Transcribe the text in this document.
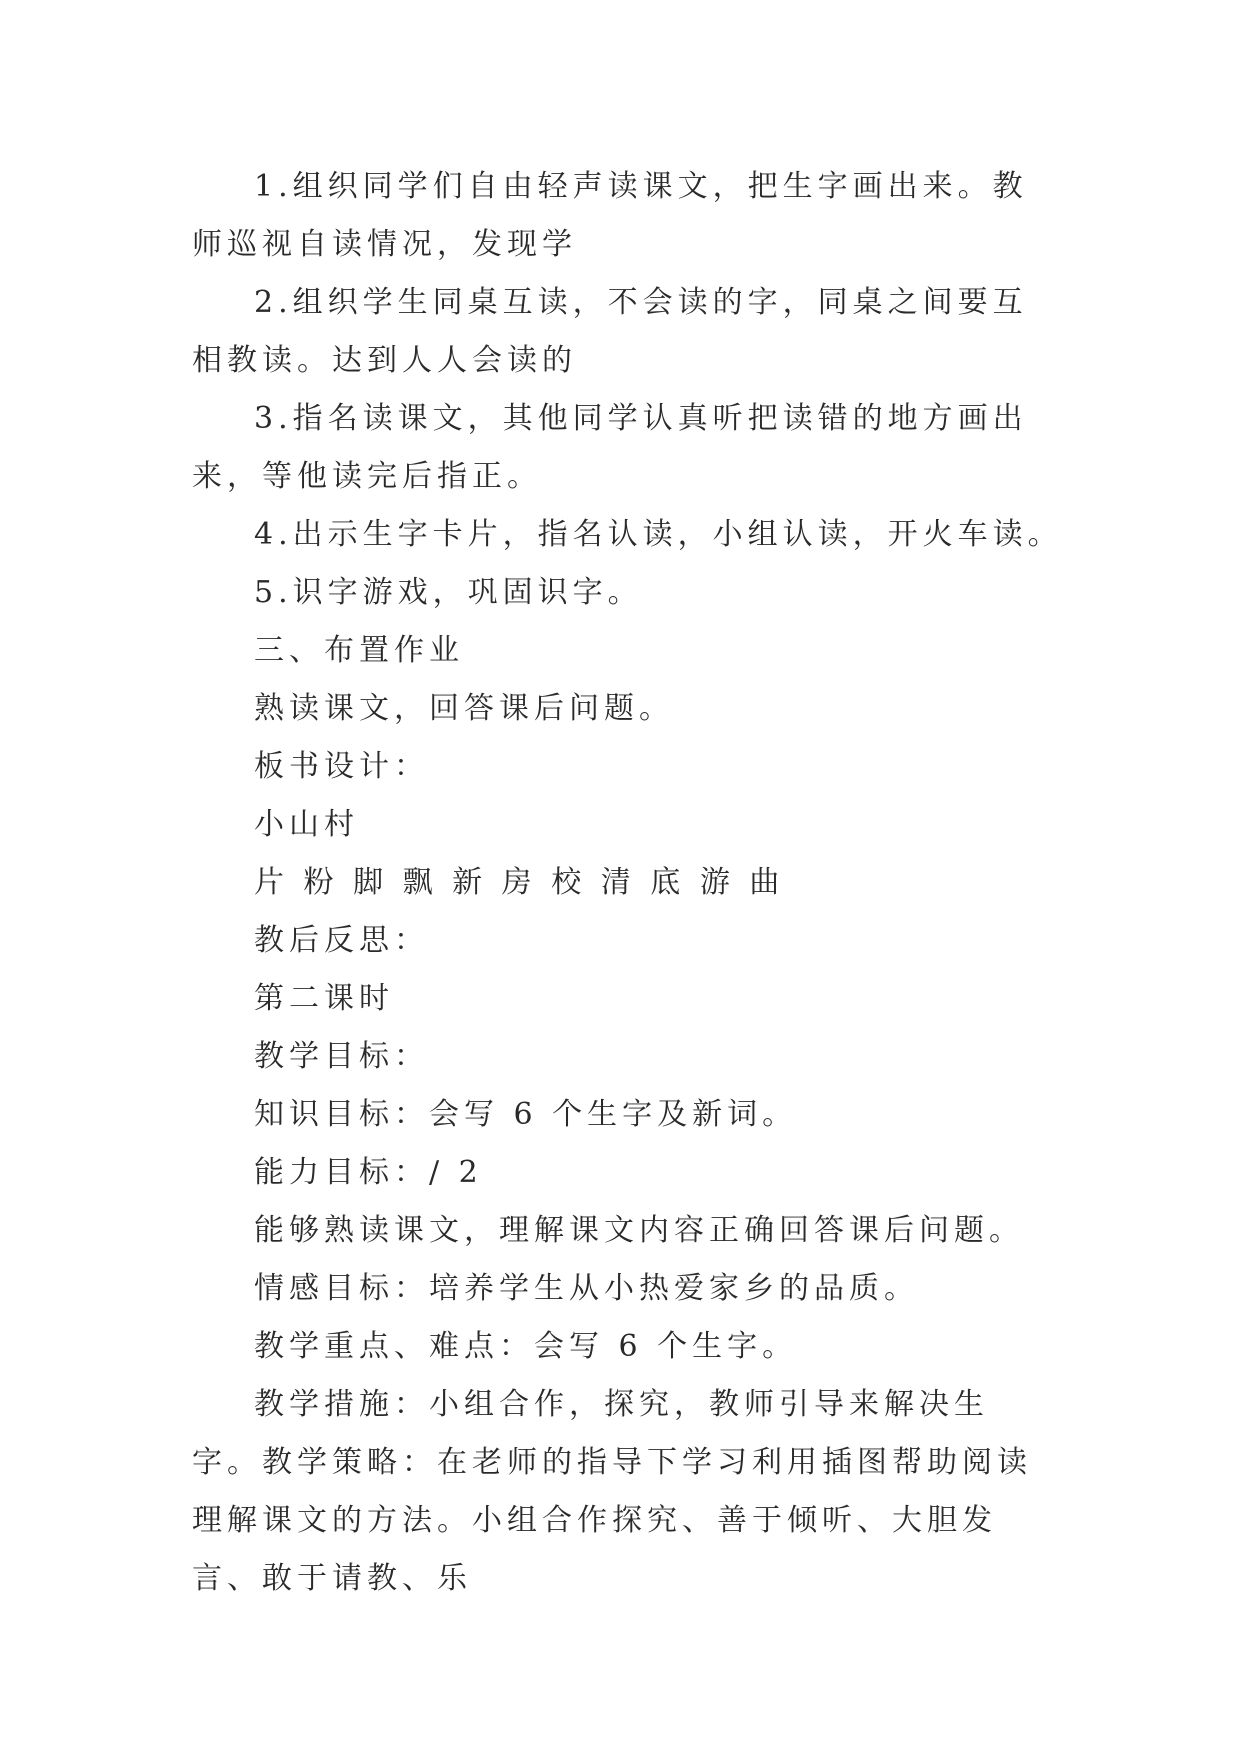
1.组织同学们自由轻声读课文，把生字画出来。教师巡视自读情况，发现学

2.组织学生同桌互读，不会读的字，同桌之间要互相教读。达到人人会读的

3.指名读课文，其他同学认真听把读错的地方画出来，等他读完后指正。

4.出示生字卡片，指名认读，小组认读，开火车读。

5.识字游戏，巩固识字。

三、布置作业

熟读课文，回答课后问题。

板书设计：

小山村

片 粉 脚 飘 新 房 校 清 底 游 曲

教后反思：

第二课时

教学目标：

知识目标：会写 6 个生字及新词。

能力目标：/ 2

能够熟读课文，理解课文内容正确回答课后问题。

情感目标：培养学生从小热爱家乡的品质。

教学重点、难点：会写 6 个生字。

教学措施：小组合作，探究，教师引导来解决生字。教学策略：在老师的指导下学习利用插图帮助阅读理解课文的方法。小组合作探究、善于倾听、大胆发言、敢于请教、乐
